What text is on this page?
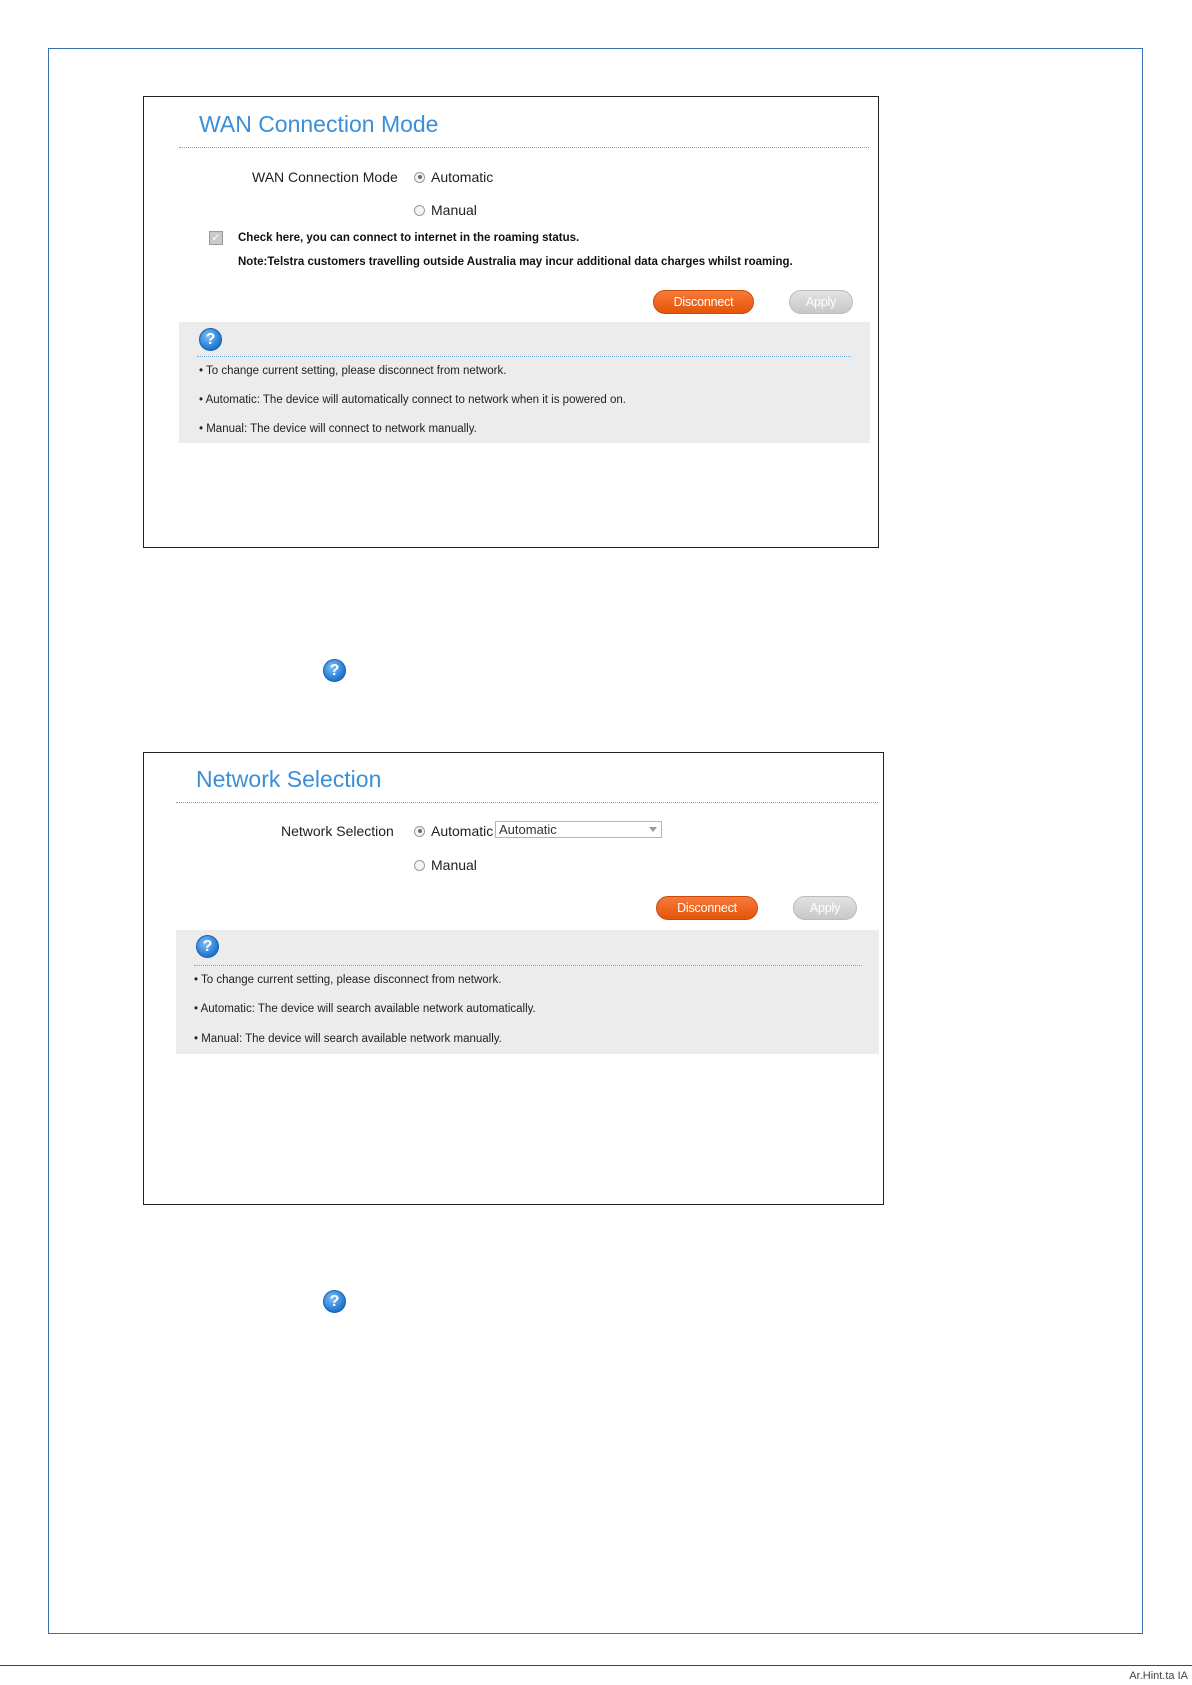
WAN Connection Mode
WAN Connection Mode Automatic
Manual
✓ Check here, you can connect to internet in the roaming status.
Note:Telstra customers travelling outside Australia may incur additional data charges whilst roaming.
Disconnect	Apply
?
• To change current setting, please disconnect from network.
• Automatic: The device will automatically connect to network when it is powered on.
• Manual: The device will connect to network manually.
?
Network Selection
Network Selection	Automatic Automatic
Manual
Disconnect	Apply
?
• To change current setting, please disconnect from network.
• Automatic: The device will search available network automatically.
• Manual: The device will search available network manually.
?
Ar.Hint.ta IA
